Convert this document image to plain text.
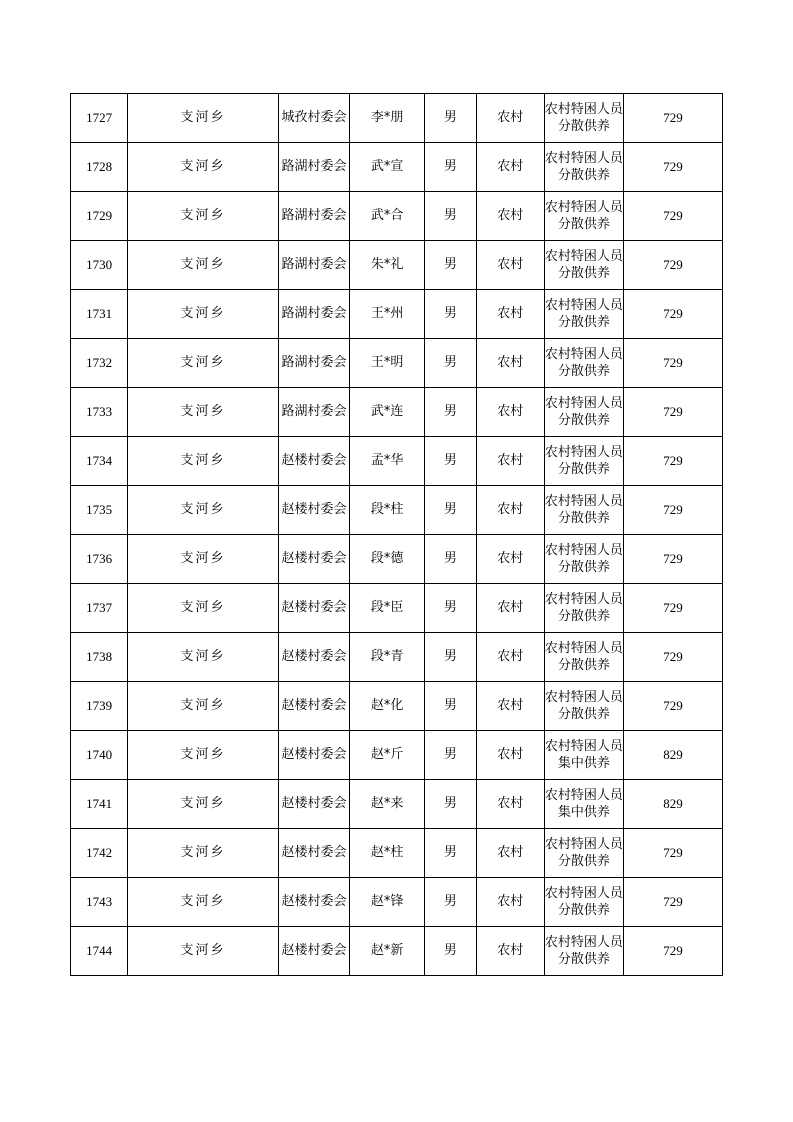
1727	支河乡	城孜村委会	李*朋	男	农村	农村特困人员分散供养	729
1728	支河乡	路湖村委会	武*宣	男	农村	农村特困人员分散供养	729
1729	支河乡	路湖村委会	武*合	男	农村	农村特困人员分散供养	729
1730	支河乡	路湖村委会	朱*礼	男	农村	农村特困人员分散供养	729
1731	支河乡	路湖村委会	王*州	男	农村	农村特困人员分散供养	729
1732	支河乡	路湖村委会	王*明	男	农村	农村特困人员分散供养	729
1733	支河乡	路湖村委会	武*连	男	农村	农村特困人员分散供养	729
1734	支河乡	赵楼村委会	孟*华	男	农村	农村特困人员分散供养	729
1735	支河乡	赵楼村委会	段*柱	男	农村	农村特困人员分散供养	729
1736	支河乡	赵楼村委会	段*德	男	农村	农村特困人员分散供养	729
1737	支河乡	赵楼村委会	段*臣	男	农村	农村特困人员分散供养	729
1738	支河乡	赵楼村委会	段*青	男	农村	农村特困人员分散供养	729
1739	支河乡	赵楼村委会	赵*化	男	农村	农村特困人员分散供养	729
1740	支河乡	赵楼村委会	赵*斤	男	农村	农村特困人员集中供养	829
1741	支河乡	赵楼村委会	赵*来	男	农村	农村特困人员集中供养	829
1742	支河乡	赵楼村委会	赵*柱	男	农村	农村特困人员分散供养	729
1743	支河乡	赵楼村委会	赵*锋	男	农村	农村特困人员分散供养	729
1744	支河乡	赵楼村委会	赵*新	男	农村	农村特困人员分散供养	729
